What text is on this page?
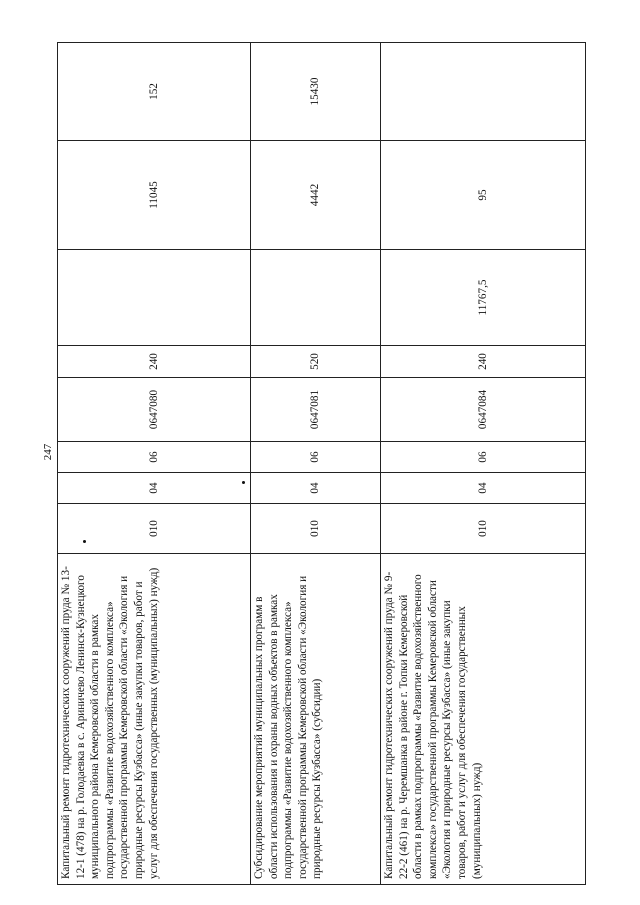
247
Капитальный ремонт гидротехнических сооружений пруда № 13-12-1 (478) на р. Голодаевка в с. Ариничево Ленинск-Кузнецкого муниципального района Кемеровской области в рамках подпрограммы «Развитие водохозяйственного комплекса» государственной программы Кемеровской области «Экология и природные ресурсы Кузбасса» (иные закупки товаров, работ и услуг для обеспечения государственных (муниципальных) нужд)	010	04	06	0647080	240		11045	152
Субсидирование мероприятий муниципальных программ в области использования и охраны водных объектов в рамках подпрограммы «Развитие водохозяйственного комплекса» государственной программы Кемеровской области «Экология и природные ресурсы Кузбасса» (субсидии)	010	04	06	0647081	520		4442	15430
Капитальный ремонт гидротехнических сооружений пруда № 9-22-2 (461) на р. Черемшанка в районе г. Топки Кемеровской области в рамках подпрограммы «Развитие водохозяйственного комплекса» государственной программы Кемеровской области «Экология и природные ресурсы Кузбасса» (иные закупки товаров, работ и услуг для обеспечения государственных (муниципальных) нужд)	010	04	06	0647084	240	11767,5	95	
